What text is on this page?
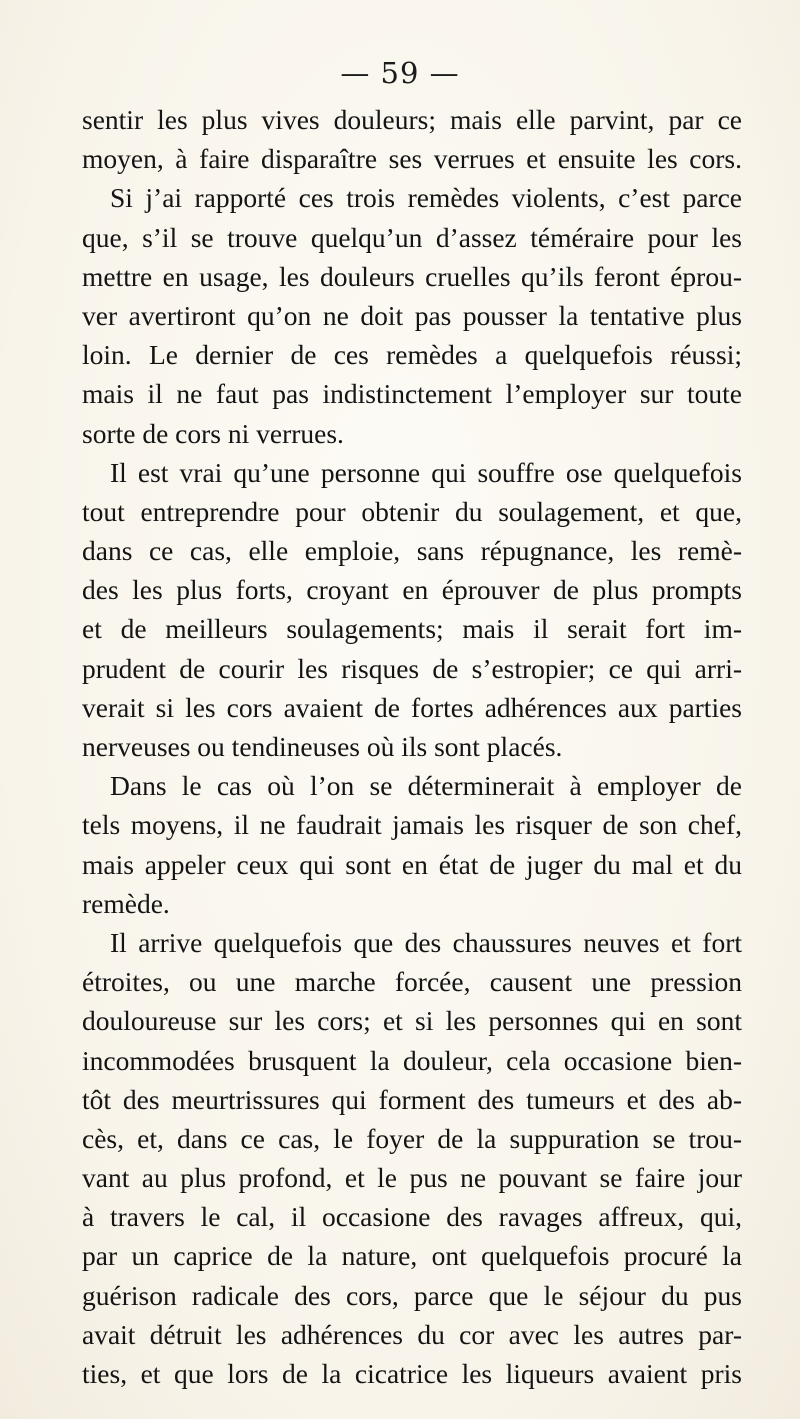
— 59 —
sentir les plus vives douleurs; mais elle parvint, par ce
moyen, à faire disparaître ses verrues et ensuite les cors.
Si j’ai rapporté ces trois remèdes violents, c’est parce
que, s’il se trouve quelqu’un d’assez téméraire pour les
mettre en usage, les douleurs cruelles qu’ils feront éprou-
ver avertiront qu’on ne doit pas pousser la tentative plus
loin. Le dernier de ces remèdes a quelquefois réussi;
mais il ne faut pas indistinctement l’employer sur toute
sorte de cors ni verrues.
Il est vrai qu’une personne qui souffre ose quelquefois
tout entreprendre pour obtenir du soulagement, et que,
dans ce cas, elle emploie, sans répugnance, les remè-
des les plus forts, croyant en éprouver de plus prompts
et de meilleurs soulagements; mais il serait fort im-
prudent de courir les risques de s’estropier; ce qui arri-
verait si les cors avaient de fortes adhérences aux parties
nerveuses ou tendineuses où ils sont placés.
Dans le cas où l’on se déterminerait à employer de
tels moyens, il ne faudrait jamais les risquer de son chef,
mais appeler ceux qui sont en état de juger du mal et du
remède.
Il arrive quelquefois que des chaussures neuves et fort
étroites, ou une marche forcée, causent une pression
douloureuse sur les cors; et si les personnes qui en sont
incommodées brusquent la douleur, cela occasione bien-
tôt des meurtrissures qui forment des tumeurs et des ab-
cès, et, dans ce cas, le foyer de la suppuration se trou-
vant au plus profond, et le pus ne pouvant se faire jour
à travers le cal, il occasione des ravages affreux, qui,
par un caprice de la nature, ont quelquefois procuré la
guérison radicale des cors, parce que le séjour du pus
avait détruit les adhérences du cor avec les autres par-
ties, et que lors de la cicatrice les liqueurs avaient pris
